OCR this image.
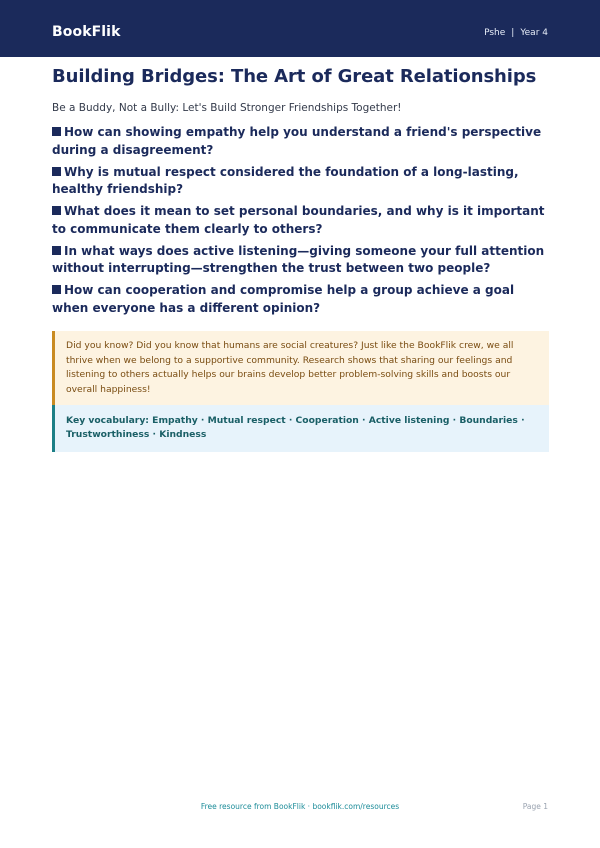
BookFlik	Pshe | Year 4
Building Bridges: The Art of Great Relationships

Be a Buddy, Not a Bully: Let's Build Stronger Friendships Together!

How can showing empathy help you understand a friend's perspective during a disagreement?
Why is mutual respect considered the foundation of a long-lasting, healthy friendship?
What does it mean to set personal boundaries, and why is it important to communicate them clearly to others?
In what ways does active listening—giving someone your full attention without interrupting—strengthen the trust between two people?
How can cooperation and compromise help a group achieve a goal when everyone has a different opinion?
Did you know? Did you know that humans are social creatures? Just like the BookFlik crew, we all thrive when we belong to a supportive community. Research shows that sharing our feelings and listening to others actually helps our brains develop better problem-solving skills and boosts our overall happiness!
Key vocabulary: Empathy · Mutual respect · Cooperation · Active listening · Boundaries · Trustworthiness · Kindness
Free resource from BookFlik · bookflik.com/resources	Page 1
